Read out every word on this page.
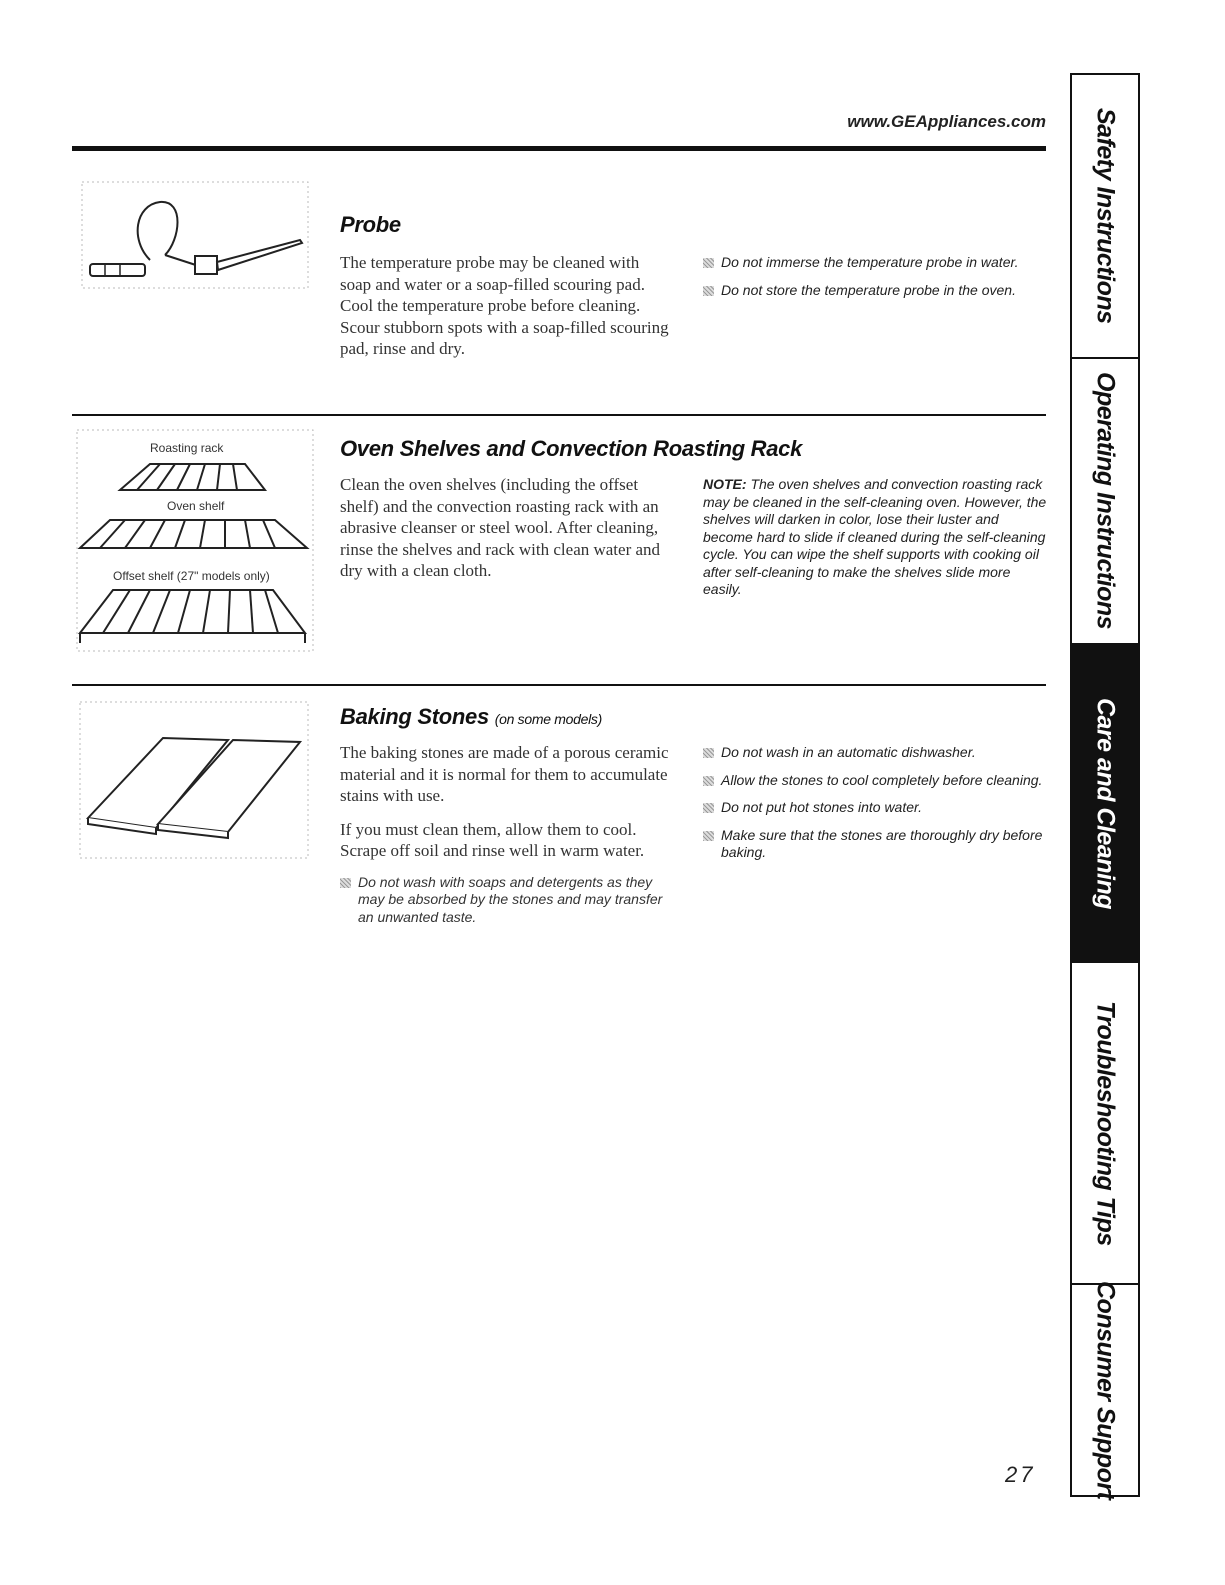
www.GEAppliances.com
Probe

The temperature probe may be cleaned with soap and water or a soap-filled scouring pad. Cool the temperature probe before cleaning. Scour stubborn spots with a soap-filled scouring pad, rinse and dry.

Do not immerse the temperature probe in water.
Do not store the temperature probe in the oven.
Roasting rack
Oven shelf
Offset shelf (27" models only)
Oven Shelves and Convection Roasting Rack

Clean the oven shelves (including the offset shelf) and the convection roasting rack with an abrasive cleanser or steel wool. After cleaning, rinse the shelves and rack with clean water and dry with a clean cloth.

NOTE: The oven shelves and convection roasting rack may be cleaned in the self-cleaning oven. However, the shelves will darken in color, lose their luster and become hard to slide if cleaned during the self-cleaning cycle. You can wipe the shelf supports with cooking oil after self-cleaning to make the shelves slide more easily.
Baking Stones (on some models)

The baking stones are made of a porous ceramic material and it is normal for them to accumulate stains with use.

If you must clean them, allow them to cool. Scrape off soil and rinse well in warm water.

Do not wash with soaps and detergents as they may be absorbed by the stones and may transfer an unwanted taste.
Do not wash in an automatic dishwasher.
Allow the stones to cool completely before cleaning.
Do not put hot stones into water.
Make sure that the stones are thoroughly dry before baking.
Safety Instructions
Operating Instructions
Care and Cleaning
Troubleshooting Tips
Consumer Support
27
